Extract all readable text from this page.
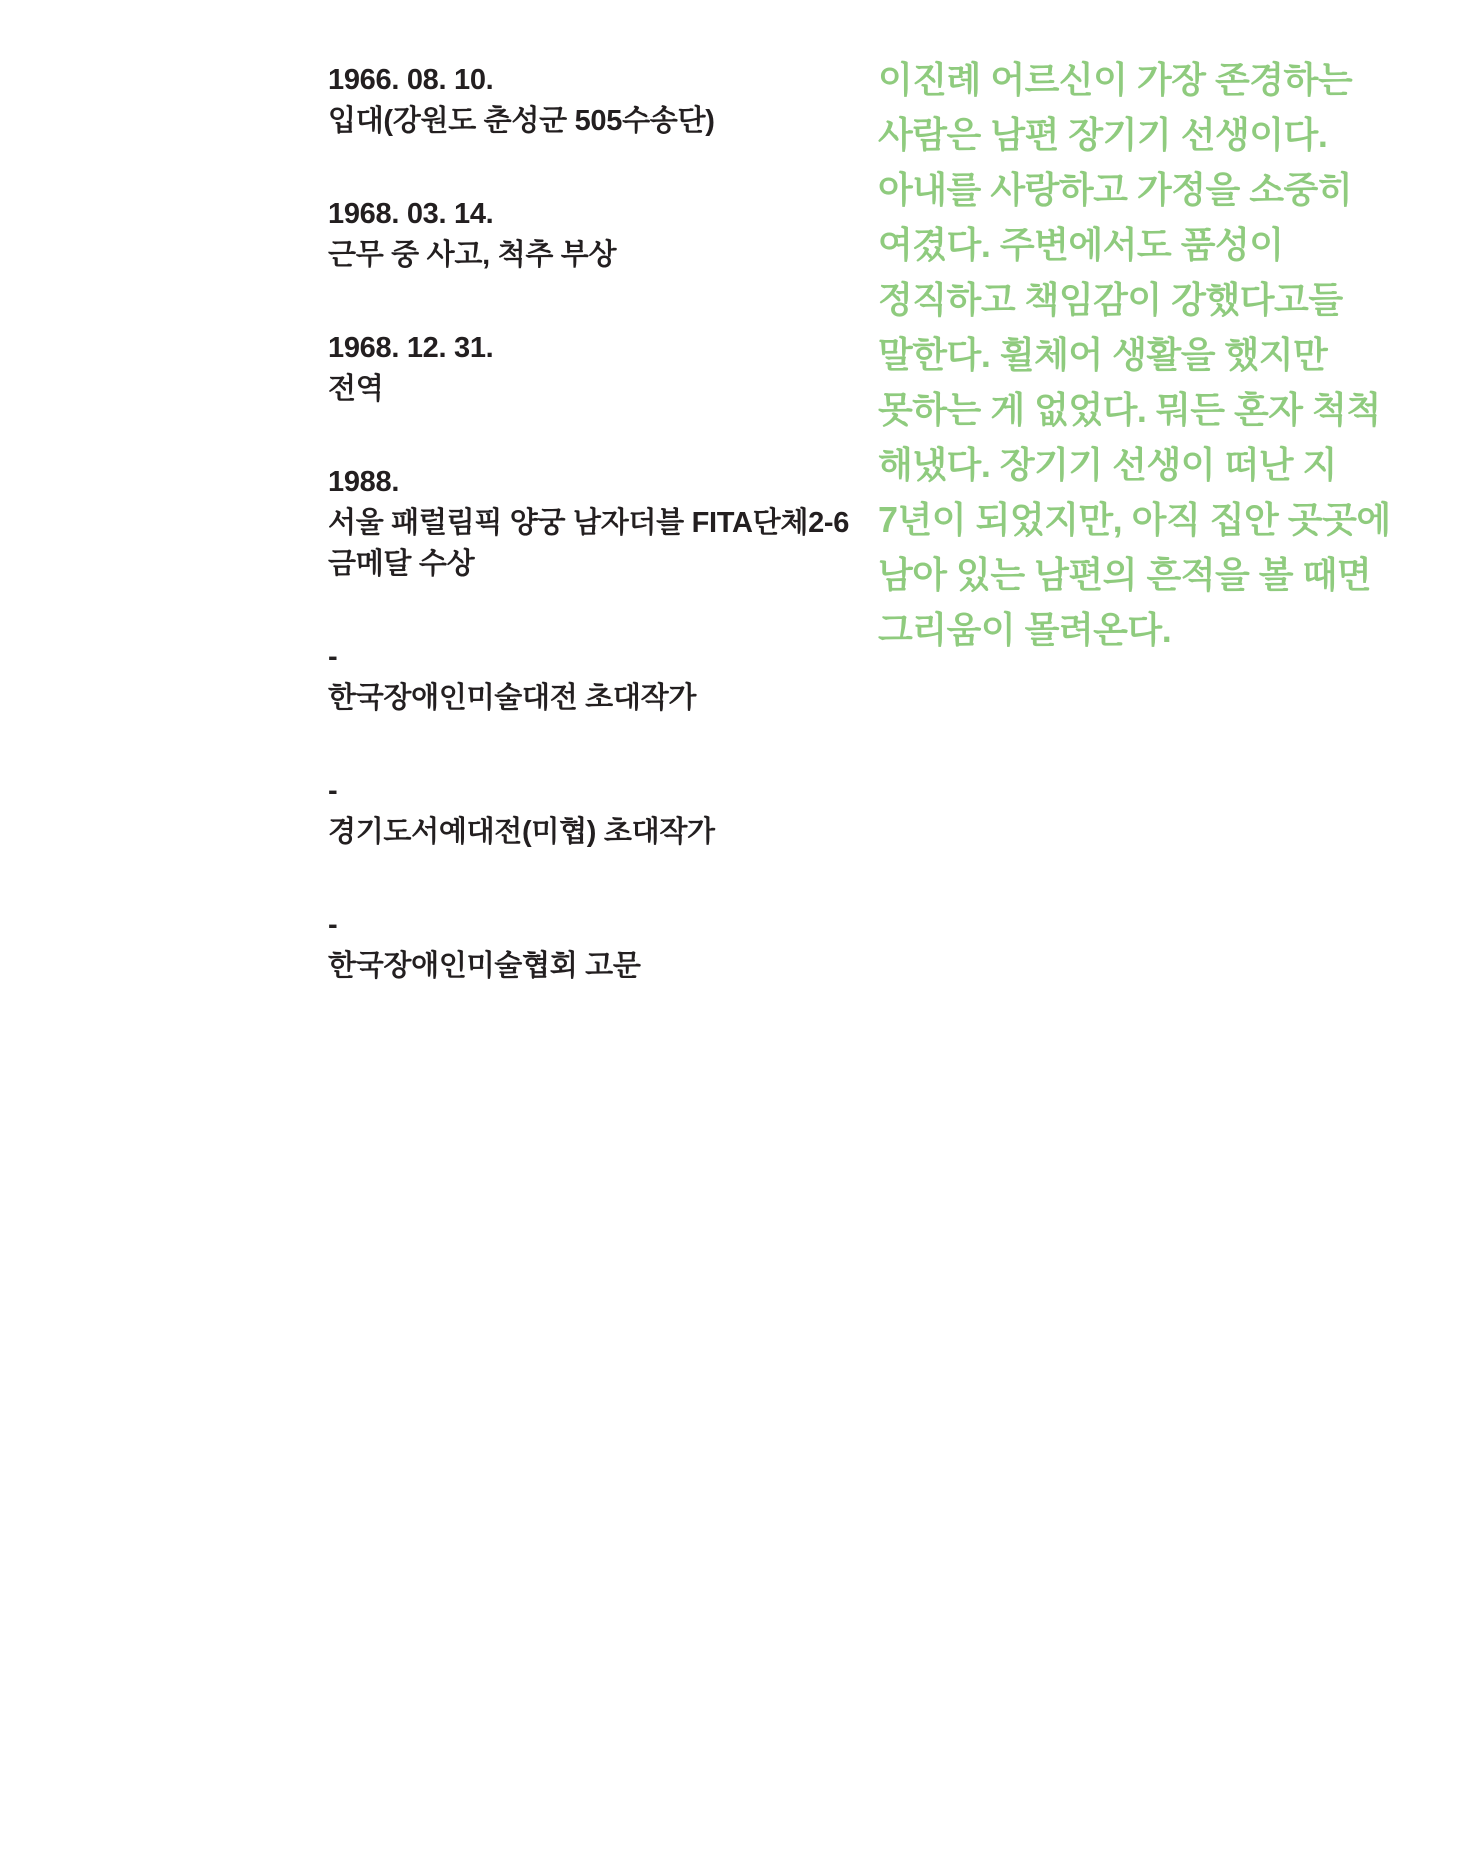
1966. 08. 10.
입대(강원도 춘성군 505수송단)
1968. 03. 14.
근무 중 사고, 척추 부상
1968. 12. 31.
전역
1988.
서울 패럴림픽 양궁 남자더블 FITA단체2-6
금메달 수상
-
한국장애인미술대전 초대작가
-
경기도서예대전(미협) 초대작가
-
한국장애인미술협회 고문
이진례 어르신이 가장 존경하는
사람은 남편 장기기 선생이다.
아내를 사랑하고 가정을 소중히
여겼다. 주변에서도 품성이
정직하고 책임감이 강했다고들
말한다. 휠체어 생활을 했지만
못하는 게 없었다. 뭐든 혼자 척척
해냈다. 장기기 선생이 떠난 지
7년이 되었지만, 아직 집안 곳곳에
남아 있는 남편의 흔적을 볼 때면
그리움이 몰려온다.
